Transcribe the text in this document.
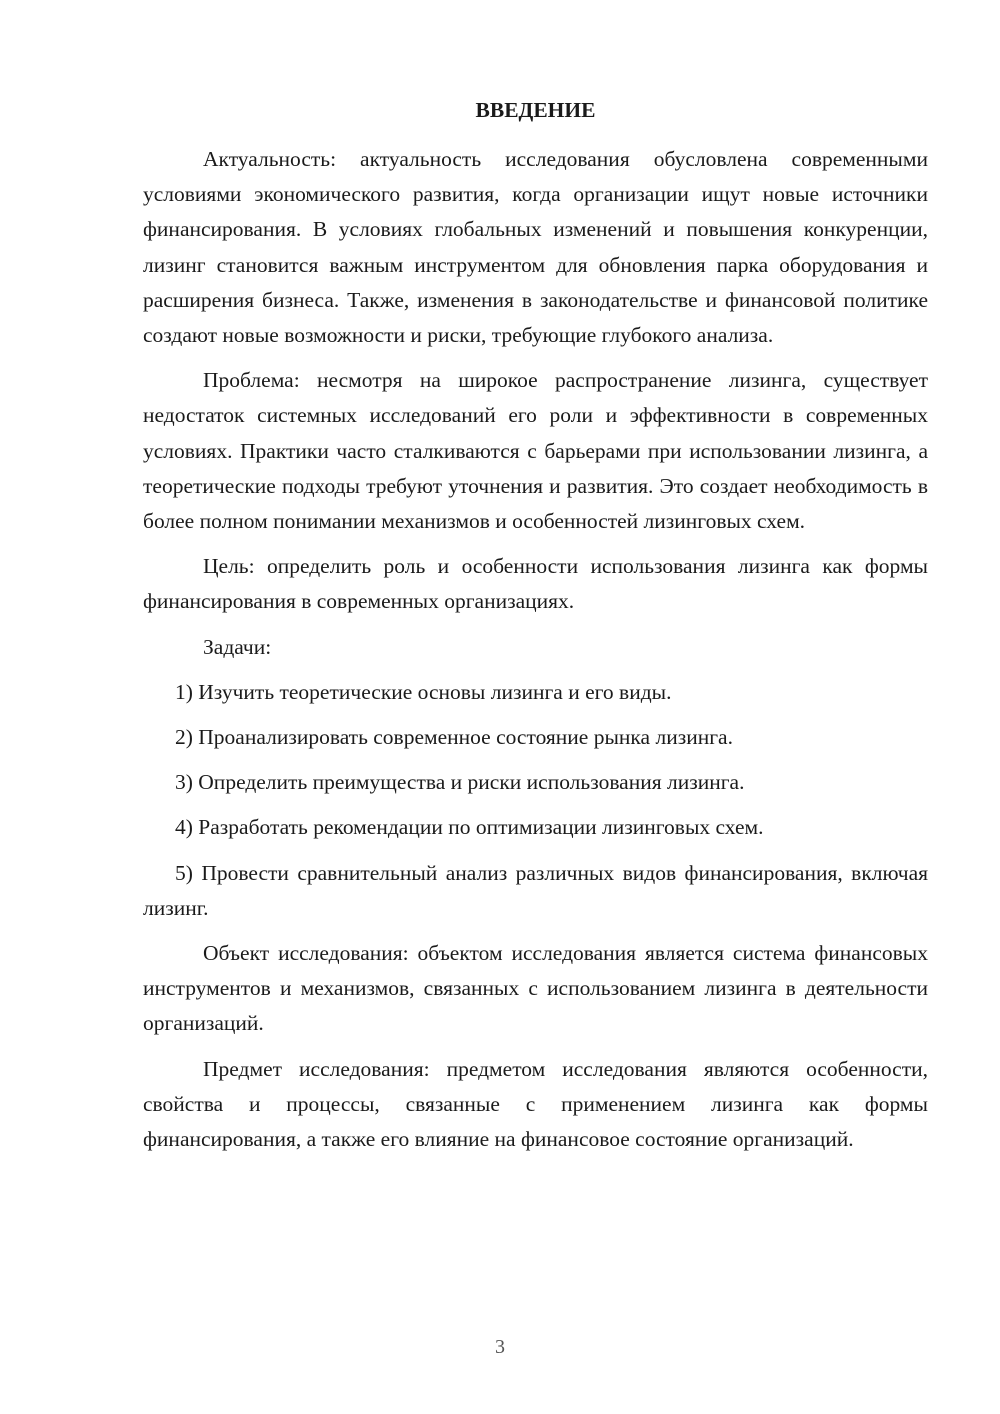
ВВЕДЕНИЕ

Актуальность: актуальность исследования обусловлена современными условиями экономического развития, когда организации ищут новые источники финансирования. В условиях глобальных изменений и повышения конкуренции, лизинг становится важным инструментом для обновления парка оборудования и расширения бизнеса. Также, изменения в законодательстве и финансовой политике создают новые возможности и риски, требующие глубокого анализа.

Проблема: несмотря на широкое распространение лизинга, существует недостаток системных исследований его роли и эффективности в современных условиях. Практики часто сталкиваются с барьерами при использовании лизинга, а теоретические подходы требуют уточнения и развития. Это создает необходимость в более полном понимании механизмов и особенностей лизинговых схем.

Цель: определить роль и особенности использования лизинга как формы финансирования в современных организациях.

Задачи:

1) Изучить теоретические основы лизинга и его виды.

2) Проанализировать современное состояние рынка лизинга.

3) Определить преимущества и риски использования лизинга.

4) Разработать рекомендации по оптимизации лизинговых схем.

5) Провести сравнительный анализ различных видов финансирования, включая лизинг.

Объект исследования: объектом исследования является система финансовых инструментов и механизмов, связанных с использованием лизинга в деятельности организаций.

Предмет исследования: предметом исследования являются особенности, свойства и процессы, связанные с применением лизинга как формы финансирования, а также его влияние на финансовое состояние организаций.

3
